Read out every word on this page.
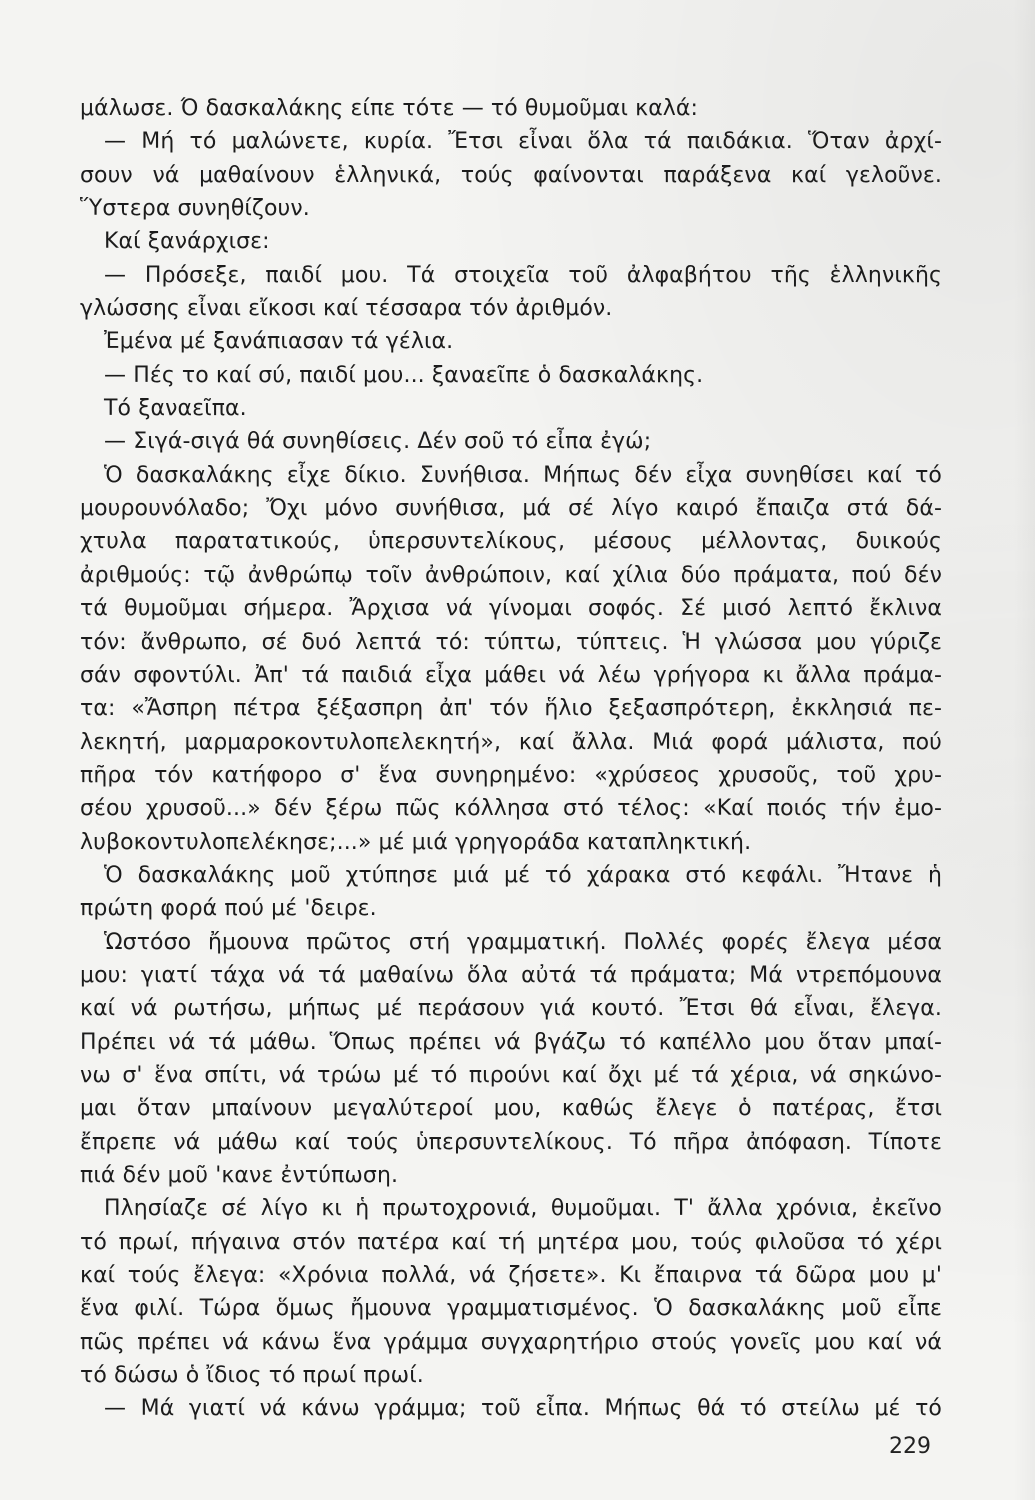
μάλωσε. Ό δασκαλάκης είπε τότε — τό θυμοῦμαι καλά:
— Μή τό μαλώνετε, κυρία. Ἔτσι εἶναι ὅλα τά παιδάκια. Ὅταν ἀρχί-
σουν νά μαθαίνουν ἑλληνικά, τούς φαίνονται παράξενα καί γελοῦνε.
Ὕστερα συνηθίζουν.
Καί ξανάρχισε:
— Πρόσεξε, παιδί μου. Τά στοιχεῖα τοῦ ἀλφαβήτου τῆς ἑλληνικῆς
γλώσσης εἶναι εἴκοσι καί τέσσαρα τόν ἀριθμόν.
Ἐμένα μέ ξανάπιασαν τά γέλια.
— Πές το καί σύ, παιδί μου... ξαναεῖπε ὁ δασκαλάκης.
Τό ξαναεῖπα.
— Σιγά-σιγά θά συνηθίσεις. Δέν σοῦ τό εἶπα ἐγώ;
Ὁ δασκαλάκης εἶχε δίκιο. Συνήθισα. Μήπως δέν εἶχα συνηθίσει καί τό
μουρουνόλαδο; Ὄχι μόνο συνήθισα, μά σέ λίγο καιρό ἔπαιζα στά δά-
χτυλα παρατατικούς, ὑπερσυντελίκους, μέσους μέλλοντας, δυικούς
ἀριθμούς: τῷ ἀνθρώπῳ τοῖν ἀνθρώποιν, καί χίλια δύο πράματα, πού δέν
τά θυμοῦμαι σήμερα. Ἄρχισα νά γίνομαι σοφός. Σέ μισό λεπτό ἔκλινα
τόν: ἄνθρωπο, σέ δυό λεπτά τό: τύπτω, τύπτεις. Ἡ γλώσσα μου γύριζε
σάν σφοντύλι. Ἀπ' τά παιδιά εἶχα μάθει νά λέω γρήγορα κι ἄλλα πράμα-
τα: «Ἄσπρη πέτρα ξέξασπρη ἀπ' τόν ἥλιο ξεξασπρότερη, ἐκκλησιά πε-
λεκητή, μαρμαροκοντυλοπελεκητή», καί ἄλλα. Μιά φορά μάλιστα, πού
πῆρα τόν κατήφορο σ' ἕνα συνηρημένο: «χρύσεος χρυσοῦς, τοῦ χρυ-
σέου χρυσοῦ...» δέν ξέρω πῶς κόλλησα στό τέλος: «Καί ποιός τήν ἐμο-
λυβοκοντυλοπελέκησε;...» μέ μιά γρηγοράδα καταπληκτική.
Ὁ δασκαλάκης μοῦ χτύπησε μιά μέ τό χάρακα στό κεφάλι. Ἤτανε ἡ
πρώτη φορά πού μέ 'δειρε.
Ὡστόσο ἤμουνα πρῶτος στή γραμματική. Πολλές φορές ἔλεγα μέσα
μου: γιατί τάχα νά τά μαθαίνω ὅλα αὐτά τά πράματα; Μά ντρεπόμουνα
καί νά ρωτήσω, μήπως μέ περάσουν γιά κουτό. Ἔτσι θά εἶναι, ἔλεγα.
Πρέπει νά τά μάθω. Ὅπως πρέπει νά βγάζω τό καπέλλο μου ὅταν μπαί-
νω σ' ἕνα σπίτι, νά τρώω μέ τό πιρούνι καί ὄχι μέ τά χέρια, νά σηκώνο-
μαι ὅταν μπαίνουν μεγαλύτεροί μου, καθώς ἔλεγε ὁ πατέρας, ἔτσι
ἔπρεπε νά μάθω καί τούς ὑπερσυντελίκους. Τό πῆρα ἀπόφαση. Τίποτε
πιά δέν μοῦ 'κανε ἐντύπωση.
Πλησίαζε σέ λίγο κι ἡ πρωτοχρονιά, θυμοῦμαι. Τ' ἄλλα χρόνια, ἐκεῖνο
τό πρωί, πήγαινα στόν πατέρα καί τή μητέρα μου, τούς φιλοῦσα τό χέρι
καί τούς ἔλεγα: «Χρόνια πολλά, νά ζήσετε». Κι ἔπαιρνα τά δῶρα μου μ'
ἕνα φιλί. Τώρα ὅμως ἤμουνα γραμματισμένος. Ὁ δασκαλάκης μοῦ εἶπε
πῶς πρέπει νά κάνω ἕνα γράμμα συγχαρητήριο στούς γονεῖς μου καί νά
τό δώσω ὁ ἴδιος τό πρωί πρωί.
— Μά γιατί νά κάνω γράμμα; τοῦ εἶπα. Μήπως θά τό στείλω μέ τό
229
